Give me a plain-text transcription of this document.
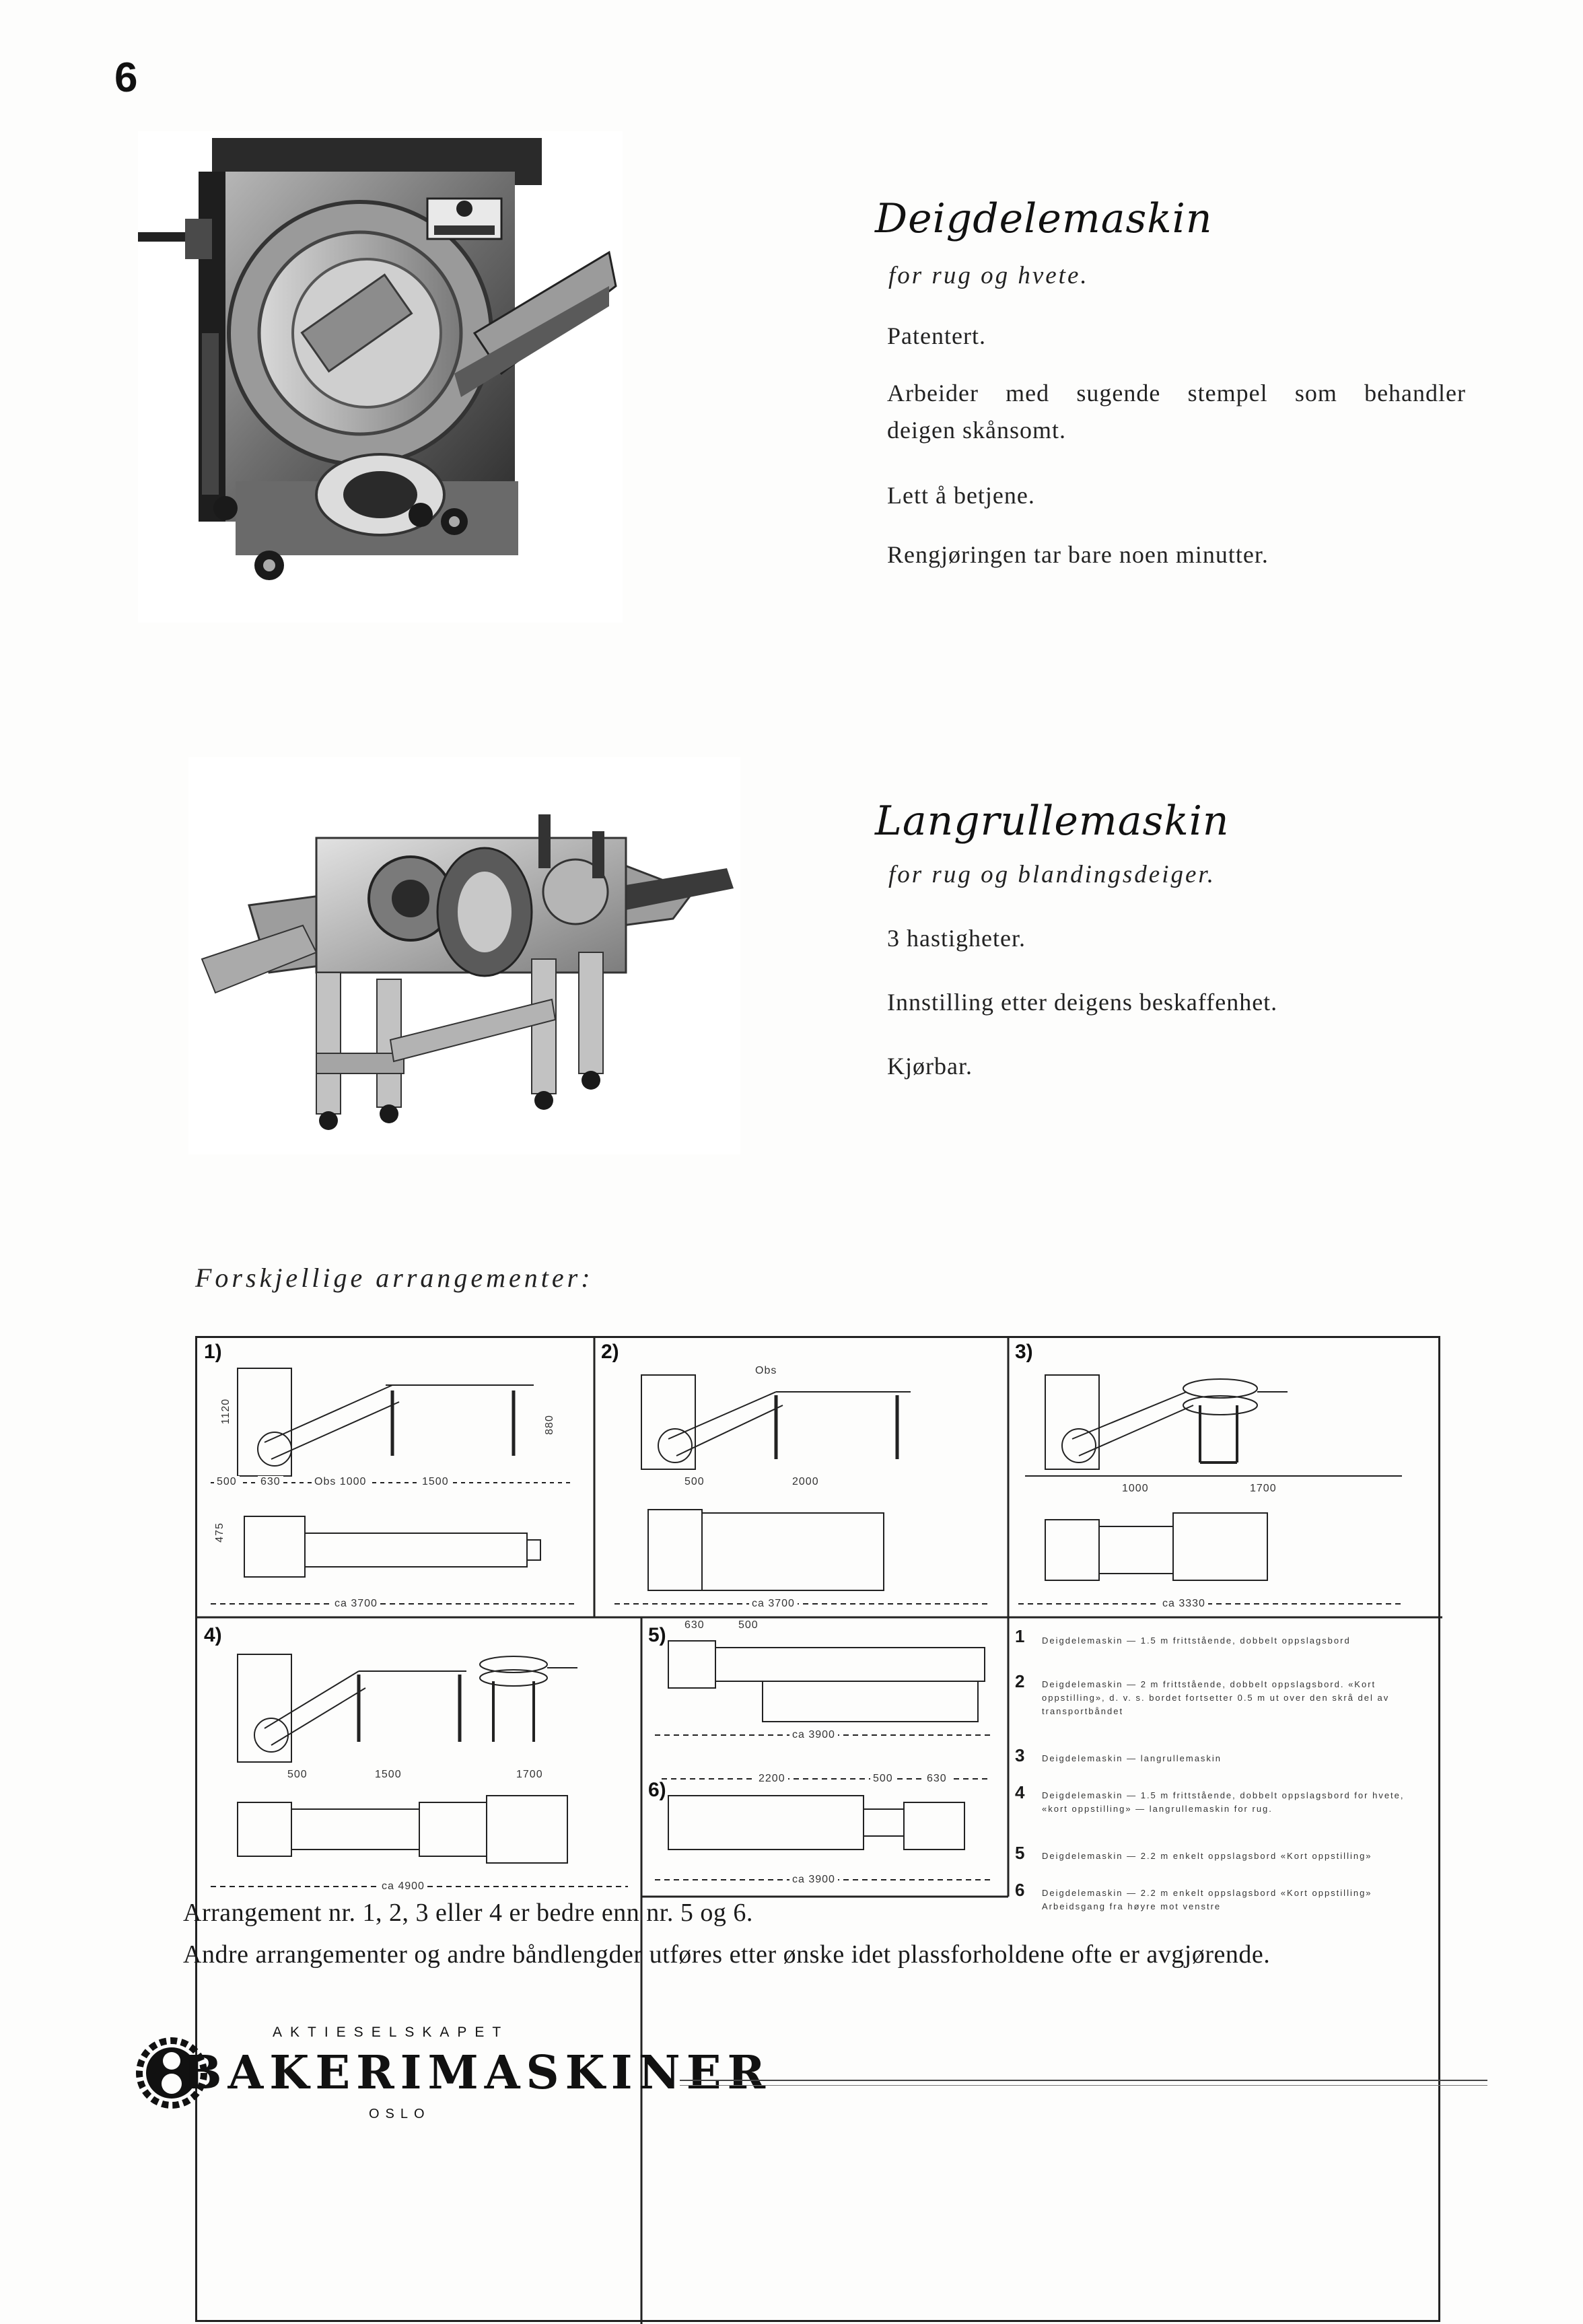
6
Deigdelemaskin
for rug og hvete.
Patentert.
Arbeider med sugende stempel som behandler
deigen skånsomt.
Lett å betjene.
Rengjøringen tar bare noen minutter.
Langrullemaskin
for rug og blandingsdeiger.
3 hastigheter.
Innstilling etter deigens beskaffenhet.
Kjørbar.
Forskjellige arrangementer:
1)	2)	3)
4)	5)
6)
1120
880
500 630	Obs 1000	1500
475
ca 3700
Obs
500	2000
ca 3700
1000	1700
ca 3330
500	1500	1700
ca 4900
630	500
ca 3900
2200	500	630
ca 3900
1 Deigdelemaskin — 1.5 m frittstående, dobbelt oppslagsbord
2 Deigdelemaskin — 2 m frittstående, dobbelt oppslagsbord. «Kort oppstilling», d. v. s. bordet fortsetter 0.5 m ut over den skrå del av transportbåndet
3 Deigdelemaskin — langrullemaskin
4 Deigdelemaskin — 1.5 m frittstående, dobbelt oppslagsbord for hvete, «kort oppstilling» — langrullemaskin for rug.
5 Deigdelemaskin — 2.2 m enkelt oppslagsbord «Kort oppstilling»
6 Deigdelemaskin — 2.2 m enkelt oppslagsbord «Kort oppstilling» Arbeidsgang fra høyre mot venstre
Arrangement nr. 1, 2, 3 eller 4 er bedre enn nr. 5 og 6.
Andre arrangementer og andre båndlengder utføres etter ønske idet plassforholdene ofte er avgjørende.
AKTIESELSKAPET
BAKERIMASKINER
OSLO
